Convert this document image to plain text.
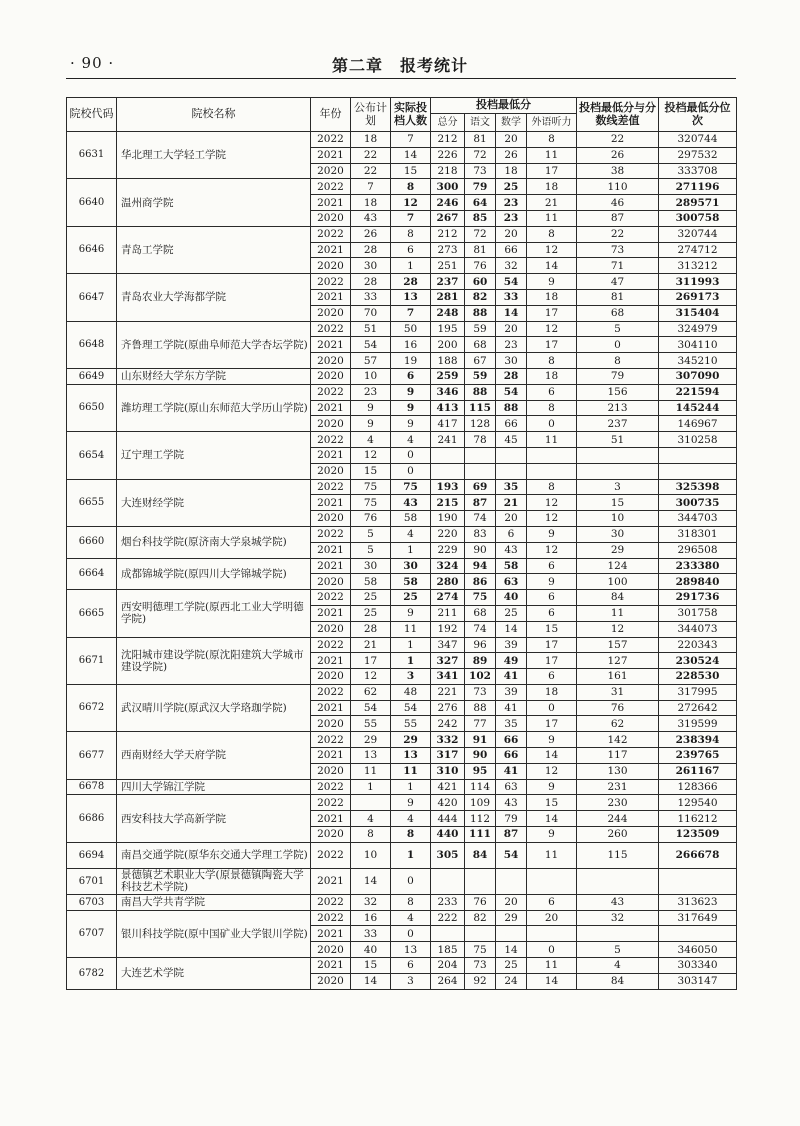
· 90 ·	第二章　报考统计
院校代码	院校名称	年份	公布计划	实际投档人数	投档最低分				投档最低分与分数线差值	投档最低分位次
					总分	语文	数学	外语听力		
6631	华北理工大学轻工学院	2022	18	7	212	81	20	8	22	320744
		2021	22	14	226	72	26	11	26	297532
		2020	22	15	218	73	18	17	38	333708
6640	温州商学院	2022	7	8	300	79	25	18	110	271196
		2021	18	12	246	64	23	21	46	289571
		2020	43	7	267	85	23	11	87	300758
6646	青岛工学院	2022	26	8	212	72	20	8	22	320744
		2021	28	6	273	81	66	12	73	274712
		2020	30	1	251	76	32	14	71	313212
6647	青岛农业大学海都学院	2022	28	28	237	60	54	9	47	311993
		2021	33	13	281	82	33	18	81	269173
		2020	70	7	248	88	14	17	68	315404
6648	齐鲁理工学院(原曲阜师范大学杏坛学院)	2022	51	50	195	59	20	12	5	324979
		2021	54	16	200	68	23	17	0	304110
		2020	57	19	188	67	30	8	8	345210
6649	山东财经大学东方学院	2020	10	6	259	59	28	18	79	307090
6650	潍坊理工学院(原山东师范大学历山学院)	2022	23	9	346	88	54	6	156	221594
		2021	9	9	413	115	88	8	213	145244
		2020	9	9	417	128	66	0	237	146967
6654	辽宁理工学院	2022	4	4	241	78	45	11	51	310258
		2021	12	0						
		2020	15	0						
6655	大连财经学院	2022	75	75	193	69	35	8	3	325398
		2021	75	43	215	87	21	12	15	300735
		2020	76	58	190	74	20	12	10	344703
6660	烟台科技学院(原济南大学泉城学院)	2022	5	4	220	83	6	9	30	318301
		2021	5	1	229	90	43	12	29	296508
6664	成都锦城学院(原四川大学锦城学院)	2021	30	30	324	94	58	6	124	233380
		2020	58	58	280	86	63	9	100	289840
6665	西安明德理工学院(原西北工业大学明德学院)	2022	25	25	274	75	40	6	84	291736
		2021	25	9	211	68	25	6	11	301758
		2020	28	11	192	74	14	15	12	344073
6671	沈阳城市建设学院(原沈阳建筑大学城市建设学院)	2022	21	1	347	96	39	17	157	220343
		2021	17	1	327	89	49	17	127	230524
		2020	12	3	341	102	41	6	161	228530
6672	武汉晴川学院(原武汉大学珞珈学院)	2022	62	48	221	73	39	18	31	317995
		2021	54	54	276	88	41	0	76	272642
		2020	55	55	242	77	35	17	62	319599
6677	西南财经大学天府学院	2022	29	29	332	91	66	9	142	238394
		2021	13	13	317	90	66	14	117	239765
		2020	11	11	310	95	41	12	130	261167
6678	四川大学锦江学院	2022	1	1	421	114	63	9	231	128366
6686	西安科技大学高新学院	2022		9	420	109	43	15	230	129540
		2021	4	4	444	112	79	14	244	116212
		2020	8	8	440	111	87	9	260	123509
6694	南昌交通学院(原华东交通大学理工学院)	2022	10	1	305	84	54	11	115	266678
6701	景德镇艺术职业大学(原景德镇陶瓷大学科技艺术学院)	2021	14	0						
6703	南昌大学共青学院	2022	32	8	233	76	20	6	43	313623
6707	银川科技学院(原中国矿业大学银川学院)	2022	16	4	222	82	29	20	32	317649
		2021	33	0						
		2020	40	13	185	75	14	0	5	346050
6782	大连艺术学院	2021	15	6	204	73	25	11	4	303340
		2020	14	3	264	92	24	14	84	303147
